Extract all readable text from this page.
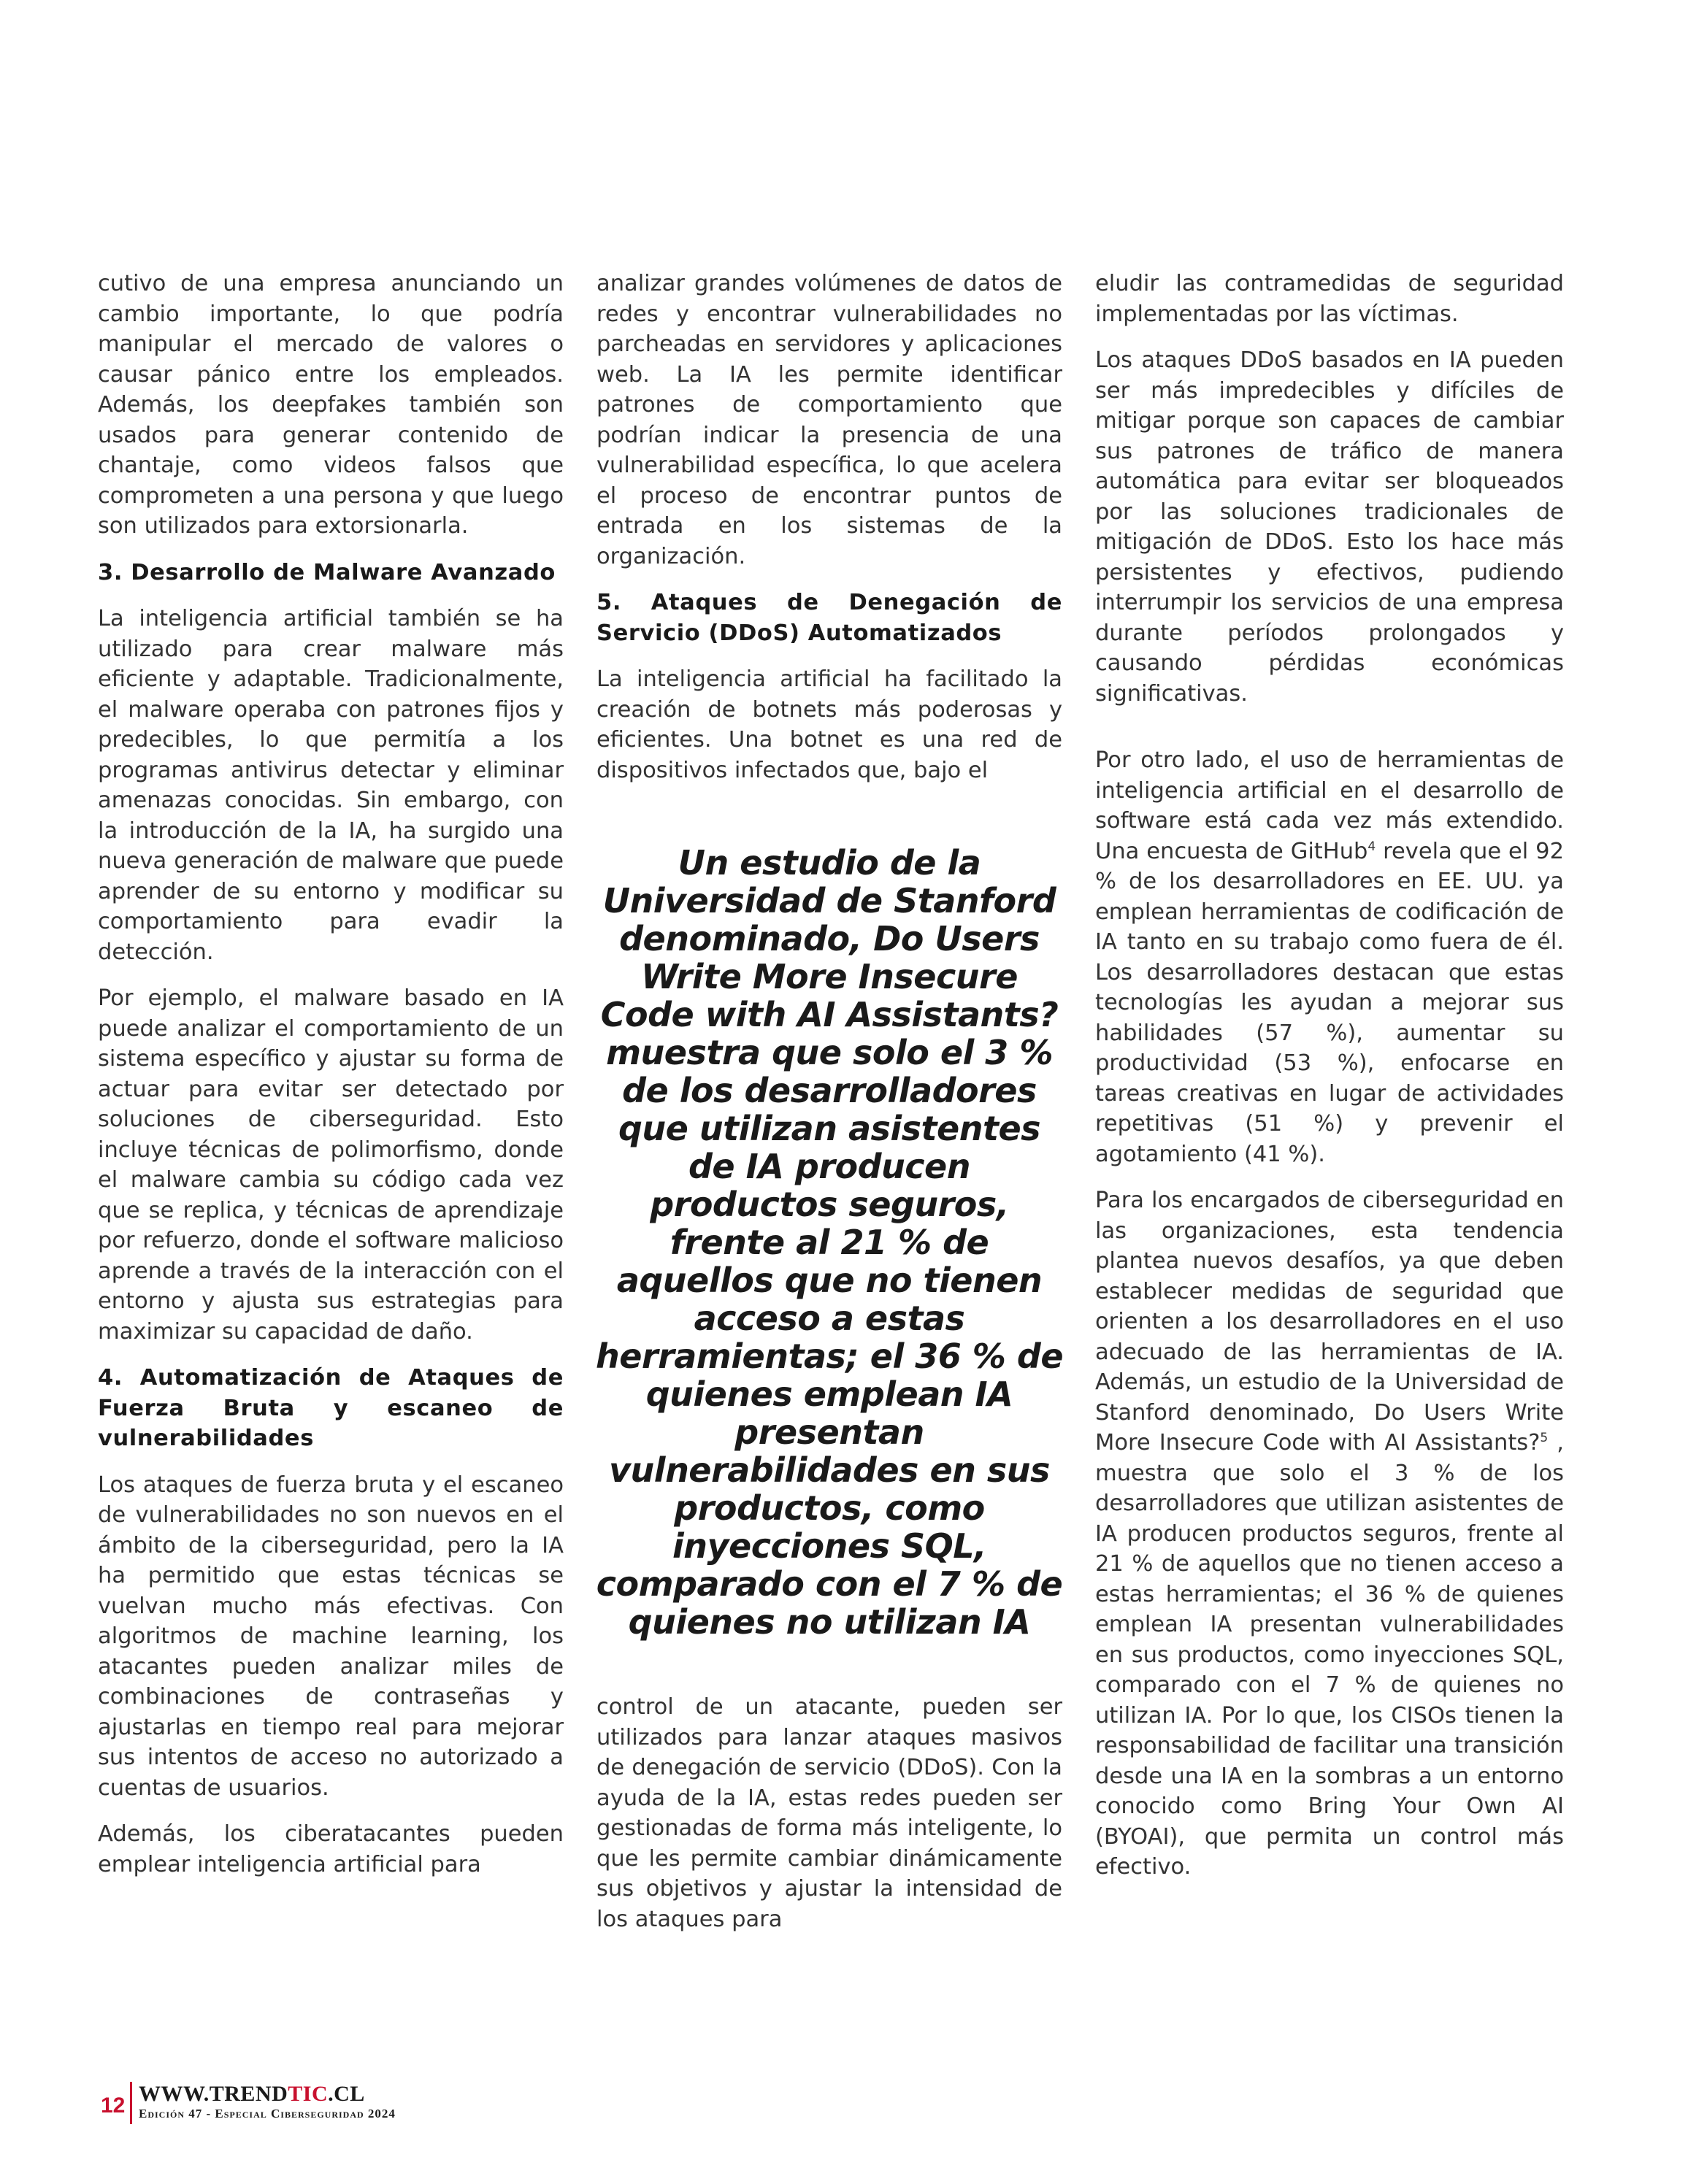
cutivo de una empresa anunciando un cambio importante, lo que podría manipular el mercado de valores o causar pánico entre los empleados. Además, los deepfakes también son usados para generar contenido de chantaje, como videos falsos que comprometen a una persona y que luego son utilizados para extorsionarla.

3. Desarrollo de Malware Avanzado

La inteligencia artificial también se ha utilizado para crear malware más eficiente y adaptable. Tradicionalmente, el malware operaba con patrones fijos y predecibles, lo que permitía a los programas antivirus detectar y eliminar amenazas conocidas. Sin embargo, con la introducción de la IA, ha surgido una nueva generación de malware que puede aprender de su entorno y modificar su comportamiento para evadir la detección.

Por ejemplo, el malware basado en IA puede analizar el comportamiento de un sistema específico y ajustar su forma de actuar para evitar ser detectado por soluciones de ciberseguridad. Esto incluye técnicas de polimorfismo, donde el malware cambia su código cada vez que se replica, y técnicas de aprendizaje por refuerzo, donde el software malicioso aprende a través de la interacción con el entorno y ajusta sus estrategias para maximizar su capacidad de daño.

4. Automatización de Ataques de Fuerza Bruta y escaneo de vulnerabilidades

Los ataques de fuerza bruta y el escaneo de vulnerabilidades no son nuevos en el ámbito de la ciberseguridad, pero la IA ha permitido que estas técnicas se vuelvan mucho más efectivas. Con algoritmos de machine learning, los atacantes pueden analizar miles de combinaciones de contraseñas y ajustarlas en tiempo real para mejorar sus intentos de acceso no autorizado a cuentas de usuarios.

Además, los ciberatacantes pueden emplear inteligencia artificial para

analizar grandes volúmenes de datos de redes y encontrar vulnerabilidades no parcheadas en servidores y aplicaciones web. La IA les permite identificar patrones de comportamiento que podrían indicar la presencia de una vulnerabilidad específica, lo que acelera el proceso de encontrar puntos de entrada en los sistemas de la organización.

5. Ataques de Denegación de Servicio (DDoS) Automatizados

La inteligencia artificial ha facilitado la creación de botnets más poderosas y eficientes. Una botnet es una red de dispositivos infectados que, bajo el

Un estudio de la Universidad de Stanford denominado, Do Users Write More Insecure Code with AI Assistants? muestra que solo el 3 % de los desarrolladores que utilizan asistentes de IA producen productos seguros, frente al 21 % de aquellos que no tienen acceso a estas herramientas; el 36 % de quienes emplean IA presentan vulnerabilidades en sus productos, como inyecciones SQL, comparado con el 7 % de quienes no utilizan IA

control de un atacante, pueden ser utilizados para lanzar ataques masivos de denegación de servicio (DDoS). Con la ayuda de la IA, estas redes pueden ser gestionadas de forma más inteligente, lo que les permite cambiar dinámicamente sus objetivos y ajustar la intensidad de los ataques para

eludir las contramedidas de seguridad implementadas por las víctimas.

Los ataques DDoS basados en IA pueden ser más impredecibles y difíciles de mitigar porque son capaces de cambiar sus patrones de tráfico de manera automática para evitar ser bloqueados por las soluciones tradicionales de mitigación de DDoS. Esto los hace más persistentes y efectivos, pudiendo interrumpir los servicios de una empresa durante períodos prolongados y causando pérdidas económicas significativas.

Por otro lado, el uso de herramientas de inteligencia artificial en el desarrollo de software está cada vez más extendido. Una encuesta de GitHub$^4$ revela que el 92 % de los desarrolladores en EE. UU. ya emplean herramientas de codificación de IA tanto en su trabajo como fuera de él. Los desarrolladores destacan que estas tecnologías les ayudan a mejorar sus habilidades (57 %), aumentar su productividad (53 %), enfocarse en tareas creativas en lugar de actividades repetitivas (51 %) y prevenir el agotamiento (41 %).

Para los encargados de ciberseguridad en las organizaciones, esta tendencia plantea nuevos desafíos, ya que deben establecer medidas de seguridad que orienten a los desarrolladores en el uso adecuado de las herramientas de IA. Además, un estudio de la Universidad de Stanford denominado, Do Users Write More Insecure Code with AI Assistants?$^5$ , muestra que solo el 3 % de los desarrolladores que utilizan asistentes de IA producen productos seguros, frente al 21 % de aquellos que no tienen acceso a estas herramientas; el 36 % de quienes emplean IA presentan vulnerabilidades en sus productos, como inyecciones SQL, comparado con el 7 % de quienes no utilizan IA. Por lo que, los CISOs tienen la responsabilidad de facilitar una transición desde una IA en la sombras a un entorno conocido como Bring Your Own AI (BYOAI), que permita un control más efectivo.

12 WWW.TRENDTIC.CL
Edición 47 - Especial Ciberseguridad 2024
